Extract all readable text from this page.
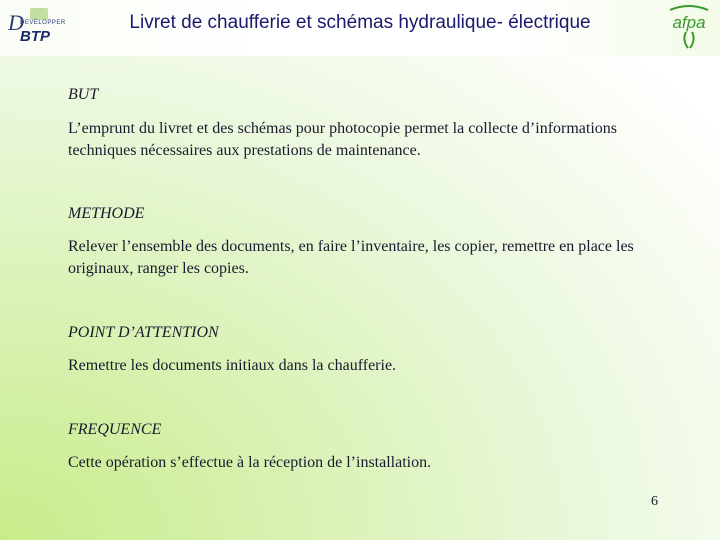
D
DEVELOPPER
BTP
Livret de chaufferie et schémas hydraulique- électrique	afpa
BUT
L’emprunt du livret et des schémas pour photocopie permet la collecte d’informations techniques nécessaires aux prestations de maintenance.
METHODE
Relever l’ensemble des documents, en faire l’inventaire, les copier, remettre en place les originaux, ranger les copies.
POINT D’ATTENTION
Remettre les documents initiaux dans la chaufferie.
FREQUENCE
Cette opération s’effectue à la réception de l’installation.
6
